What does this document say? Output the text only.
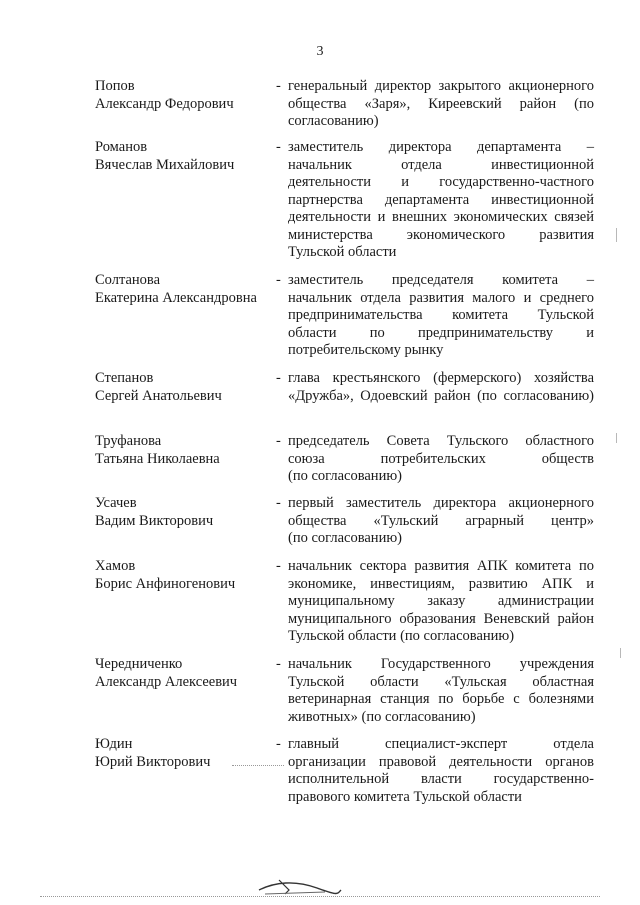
3
Попов
Александр Федорович
- генеральный директор закрытого акционерного
общества «Заря», Киреевский район (по
согласованию)
Романов
Вячеслав Михайлович
- заместитель директора департамента –
начальник отдела инвестиционной
деятельности и государственно-частного
партнерства департамента инвестиционной
деятельности и внешних экономических связей
министерства экономического развития
Тульской области
Солтанова
Екатерина Александровна
- заместитель председателя комитета –
начальник отдела развития малого и среднего
предпринимательства комитета Тульской
области по предпринимательству и
потребительскому рынку
Степанов
Сергей Анатольевич
- глава крестьянского (фермерского) хозяйства
«Дружба», Одоевский район (по согласованию)
Труфанова
Татьяна Николаевна
- председатель Совета Тульского областного
союза потребительских обществ
(по согласованию)
Усачев
Вадим Викторович
- первый заместитель директора акционерного
общества «Тульский аграрный центр»
(по согласованию)
Хамов
Борис Анфиногенович
- начальник сектора развития АПК комитета по
экономике, инвестициям, развитию АПК и
муниципальному заказу администрации
муниципального образования Веневский район
Тульской области (по согласованию)
Чередниченко
Александр Алексеевич
- начальник Государственного учреждения
Тульской области «Тульская областная
ветеринарная станция по борьбе с болезнями
животных» (по согласованию)
Юдин
Юрий Викторович
- главный специалист-эксперт отдела
организации правовой деятельности органов
исполнительной власти государственно-
правового комитета Тульской области
